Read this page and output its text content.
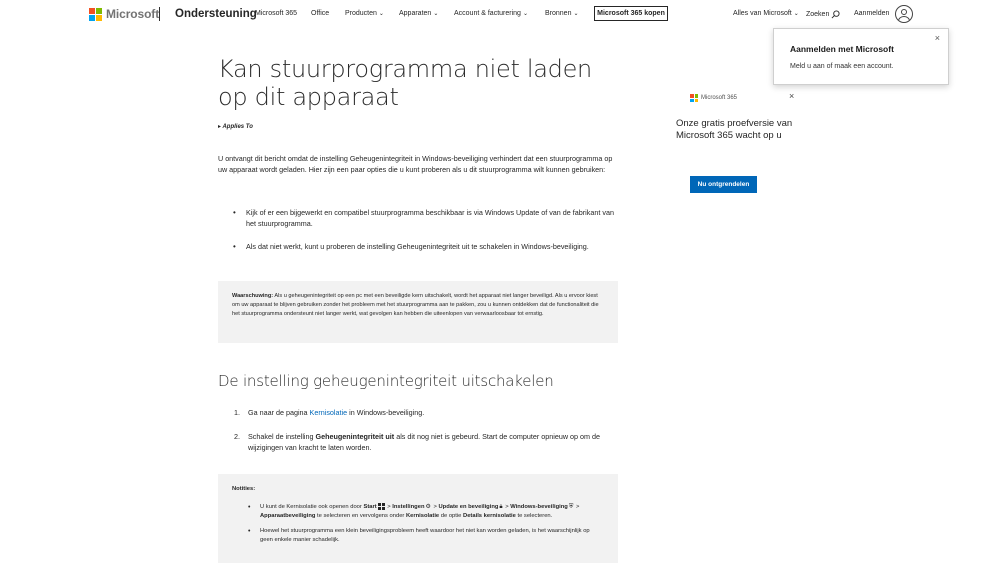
Microsoft Ondersteuning
Microsoft 365 Office Producten ⌄ Apparaten ⌄ Account & facturering ⌄ Bronnen ⌄	Microsoft 365 kopen	Alles van Microsoft ⌄ Zoeken	Aanmelden
×
Aanmelden met Microsoft
Meld u aan of maak een account.
Kan stuurprogramma niet laden op dit apparaat
▸ Applies To

U ontvangt dit bericht omdat de instelling Geheugenintegriteit in Windows-beveiliging verhindert dat een stuurprogramma op uw apparaat wordt geladen. Hier zijn een paar opties die u kunt proberen als u dit stuurprogramma wilt kunnen gebruiken:

• Kijk of er een bijgewerkt en compatibel stuurprogramma beschikbaar is via Windows Update of van de fabrikant van het stuurprogramma.
• Als dat niet werkt, kunt u proberen de instelling Geheugenintegriteit uit te schakelen in Windows-beveiliging.
Waarschuwing: Als u geheugenintegriteit op een pc met een beveiligde kern uitschakelt, wordt het apparaat niet langer beveiligd. Als u ervoor kiest om uw apparaat te blijven gebruiken zonder het probleem met het stuurprogramma aan te pakken, zou u kunnen ontdekken dat de functionaliteit die het stuurprogramma ondersteunt niet langer werkt, wat gevolgen kan hebben die uiteenlopen van verwaarloosbaar tot ernstig.
De instelling geheugenintegriteit uitschakelen
1. Ga naar de pagina Kernisolatie in Windows-beveiliging.
2. Schakel de instelling Geheugenintegriteit uit als dit nog niet is gebeurd. Start de computer opnieuw op om de wijzigingen van kracht te laten worden.
Notities:
• U kunt de Kernisolatie ook openen door Start
> Instellingen⚙ > Update en beveiliging🔒︎ > Windows-beveiliging⛨ > Apparaatbeveiliging te selecteren en vervolgens onder Kernisolatie de optie Details kernisolatie te selecteren.
• Hoewel het stuurprogramma een klein beveiligingsprobleem heeft waardoor het niet kan worden geladen, is het waarschijnlijk op geen enkele manier schadelijk.
Microsoft 365	×
Onze gratis proefversie van Microsoft 365 wacht op u
Nu ontgrendelen
